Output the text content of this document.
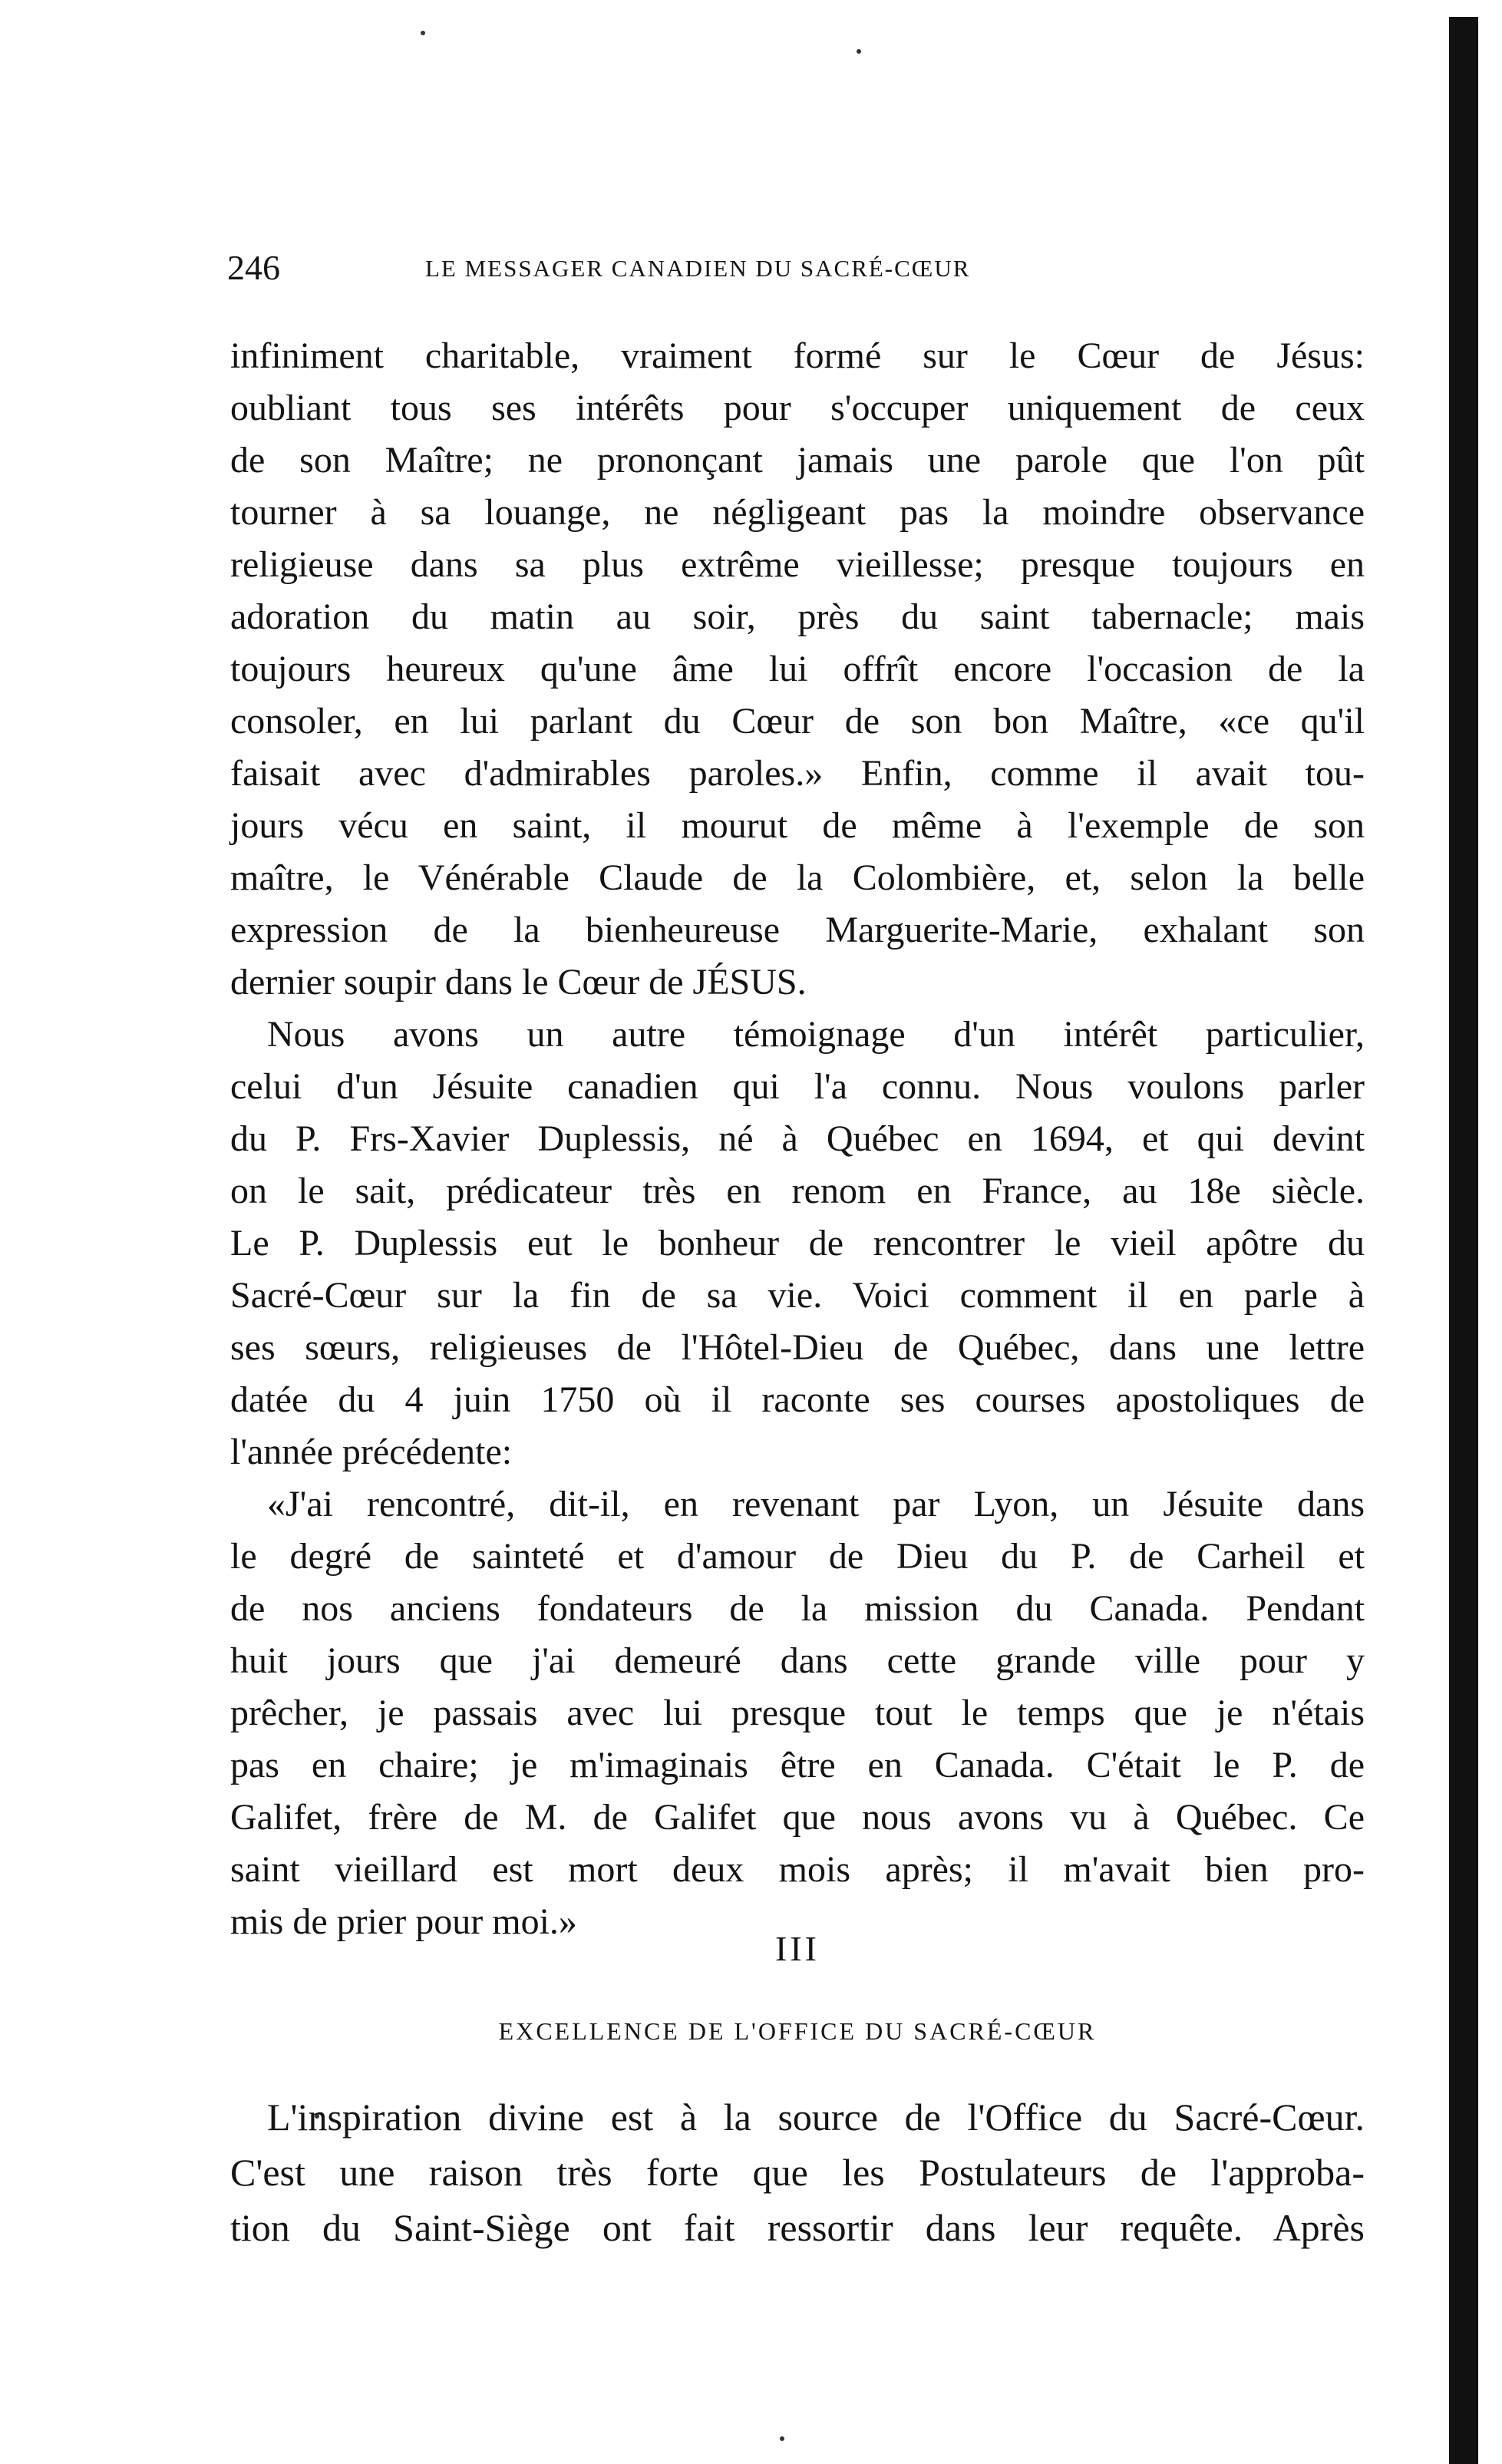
246	LE MESSAGER CANADIEN DU SACRÉ-CŒUR
infiniment charitable, vraiment formé sur le Cœur de Jésus:
oubliant tous ses intérêts pour s'occuper uniquement de ceux
de son Maître; ne prononçant jamais une parole que l'on pût
tourner à sa louange, ne négligeant pas la moindre observance
religieuse dans sa plus extrême vieillesse; presque toujours en
adoration du matin au soir, près du saint tabernacle; mais
toujours heureux qu'une âme lui offrît encore l'occasion de la
consoler, en lui parlant du Cœur de son bon Maître, «ce qu'il
faisait avec d'admirables paroles.» Enfin, comme il avait tou-
jours vécu en saint, il mourut de même à l'exemple de son
maître, le Vénérable Claude de la Colombière, et, selon la belle
expression de la bienheureuse Marguerite-Marie, exhalant son
dernier soupir dans le Cœur de JÉSUS.
Nous avons un autre témoignage d'un intérêt particulier,
celui d'un Jésuite canadien qui l'a connu. Nous voulons parler
du P. Frs-Xavier Duplessis, né à Québec en 1694, et qui devint
on le sait, prédicateur très en renom en France, au 18e siècle.
Le P. Duplessis eut le bonheur de rencontrer le vieil apôtre du
Sacré-Cœur sur la fin de sa vie. Voici comment il en parle à
ses sœurs, religieuses de l'Hôtel-Dieu de Québec, dans une lettre
datée du 4 juin 1750 où il raconte ses courses apostoliques de
l'année précédente:
«J'ai rencontré, dit-il, en revenant par Lyon, un Jésuite dans
le degré de sainteté et d'amour de Dieu du P. de Carheil et
de nos anciens fondateurs de la mission du Canada. Pendant
huit jours que j'ai demeuré dans cette grande ville pour y
prêcher, je passais avec lui presque tout le temps que je n'étais
pas en chaire; je m'imaginais être en Canada. C'était le P. de
Galifet, frère de M. de Galifet que nous avons vu à Québec. Ce
saint vieillard est mort deux mois après; il m'avait bien pro-
mis de prier pour moi.»
III
EXCELLENCE DE L'OFFICE DU SACRÉ-CŒUR
L'inspiration divine est à la source de l'Office du Sacré-Cœur.
C'est une raison très forte que les Postulateurs de l'approba-
tion du Saint-Siège ont fait ressortir dans leur requête. Après
